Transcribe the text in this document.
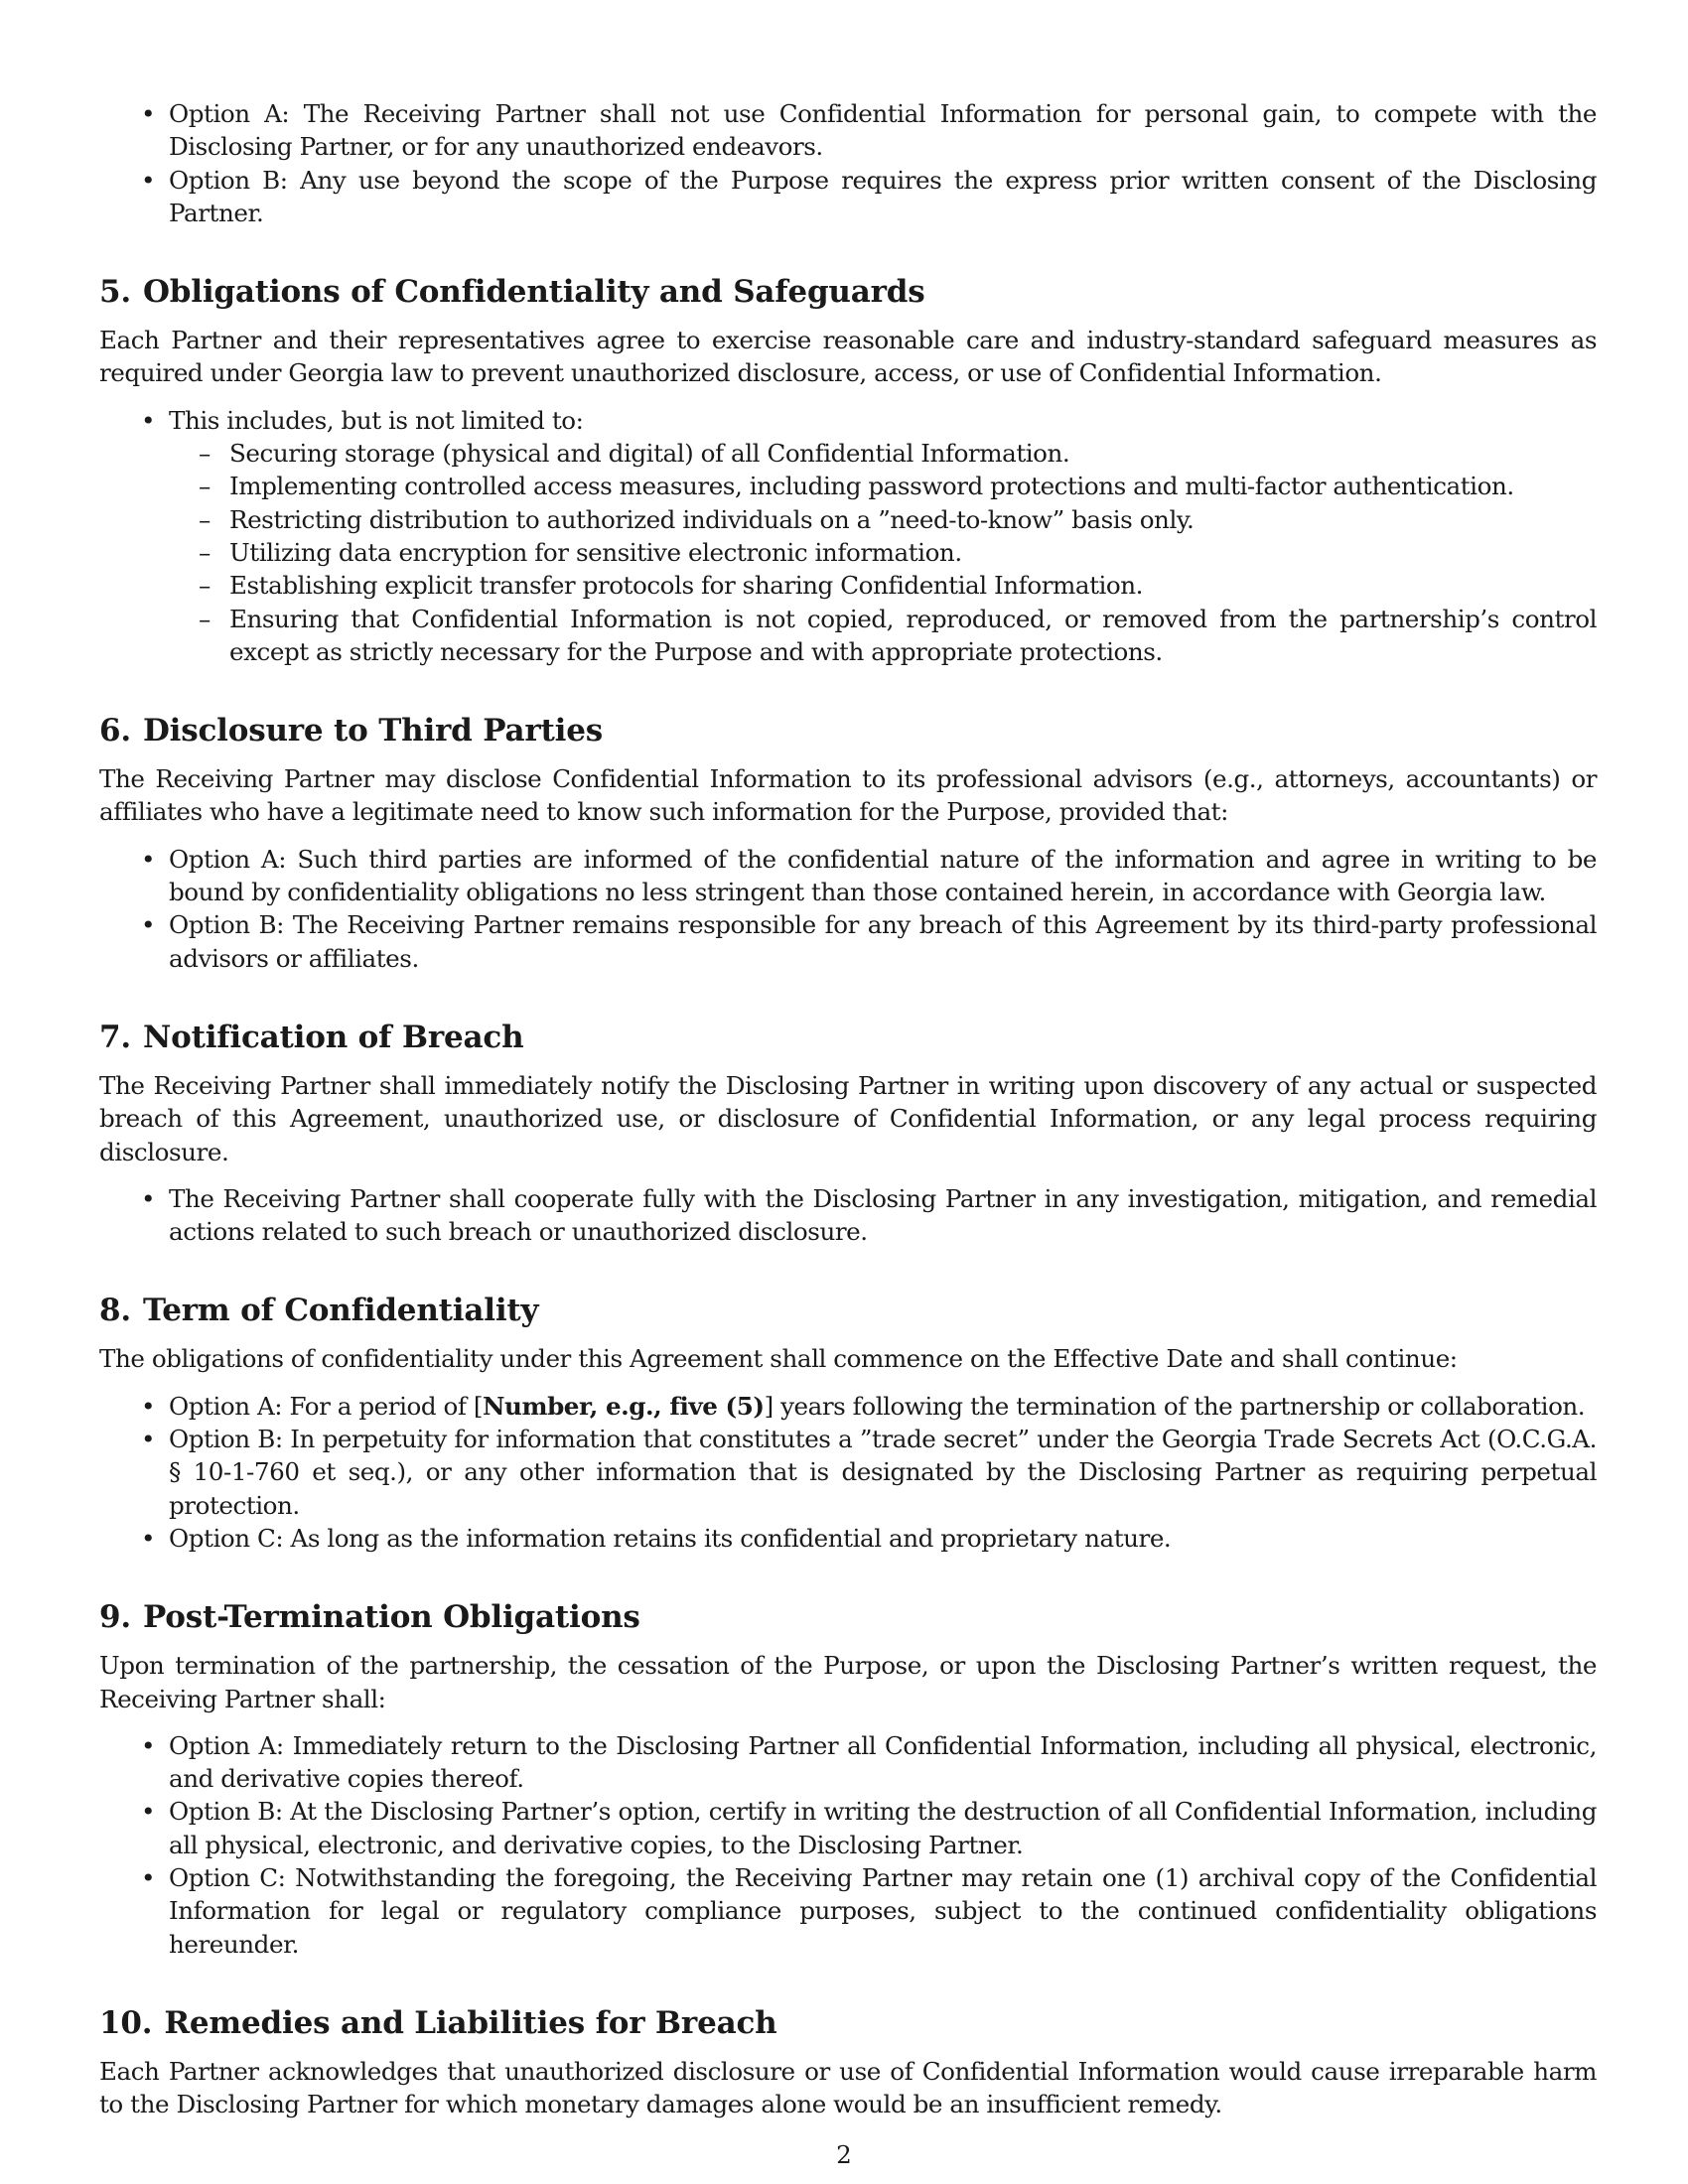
• Option A: The Receiving Partner shall not use Confidential Information for personal gain, to compete with the Disclosing Partner, or for any unauthorized endeavors.
• Option B: Any use beyond the scope of the Purpose requires the express prior written consent of the Disclosing Partner.
5. Obligations of Confidentiality and Safeguards

Each Partner and their representatives agree to exercise reasonable care and industry-standard safeguard measures as required under Georgia law to prevent unauthorized disclosure, access, or use of Confidential Information.

• This includes, but is not limited to:
– Securing storage (physical and digital) of all Confidential Information.
– Implementing controlled access measures, including password protections and multi-factor authentication.
– Restricting distribution to authorized individuals on a ”need-to-know” basis only.
– Utilizing data encryption for sensitive electronic information.
– Establishing explicit transfer protocols for sharing Confidential Information.
– Ensuring that Confidential Information is not copied, reproduced, or removed from the partnership’s control except as strictly necessary for the Purpose and with appropriate protections.
6. Disclosure to Third Parties

The Receiving Partner may disclose Confidential Information to its professional advisors (e.g., attorneys, accountants) or affiliates who have a legitimate need to know such information for the Purpose, provided that:

• Option A: Such third parties are informed of the confidential nature of the information and agree in writing to be bound by confidentiality obligations no less stringent than those contained herein, in accordance with Georgia law.
• Option B: The Receiving Partner remains responsible for any breach of this Agreement by its third-party professional advisors or affiliates.
7. Notification of Breach

The Receiving Partner shall immediately notify the Disclosing Partner in writing upon discovery of any actual or suspected breach of this Agreement, unauthorized use, or disclosure of Confidential Information, or any legal process requiring disclosure.

• The Receiving Partner shall cooperate fully with the Disclosing Partner in any investigation, mitigation, and remedial actions related to such breach or unauthorized disclosure.
8. Term of Confidentiality

The obligations of confidentiality under this Agreement shall commence on the Effective Date and shall continue:

• Option A: For a period of [Number, e.g., five (5)] years following the termination of the partnership or collaboration.
• Option B: In perpetuity for information that constitutes a ”trade secret” under the Georgia Trade Secrets Act (O.C.G.A. § 10-1-760 et seq.), or any other information that is designated by the Disclosing Partner as requiring perpetual protection.
• Option C: As long as the information retains its confidential and proprietary nature.
9. Post-Termination Obligations

Upon termination of the partnership, the cessation of the Purpose, or upon the Disclosing Partner’s written request, the Receiving Partner shall:

• Option A: Immediately return to the Disclosing Partner all Confidential Information, including all physical, electronic, and derivative copies thereof.
• Option B: At the Disclosing Partner’s option, certify in writing the destruction of all Confidential Information, including all physical, electronic, and derivative copies, to the Disclosing Partner.
• Option C: Notwithstanding the foregoing, the Receiving Partner may retain one (1) archival copy of the Confidential Information for legal or regulatory compliance purposes, subject to the continued confidentiality obligations hereunder.
10. Remedies and Liabilities for Breach

Each Partner acknowledges that unauthorized disclosure or use of Confidential Information would cause irreparable harm to the Disclosing Partner for which monetary damages alone would be an insufficient remedy.

2
